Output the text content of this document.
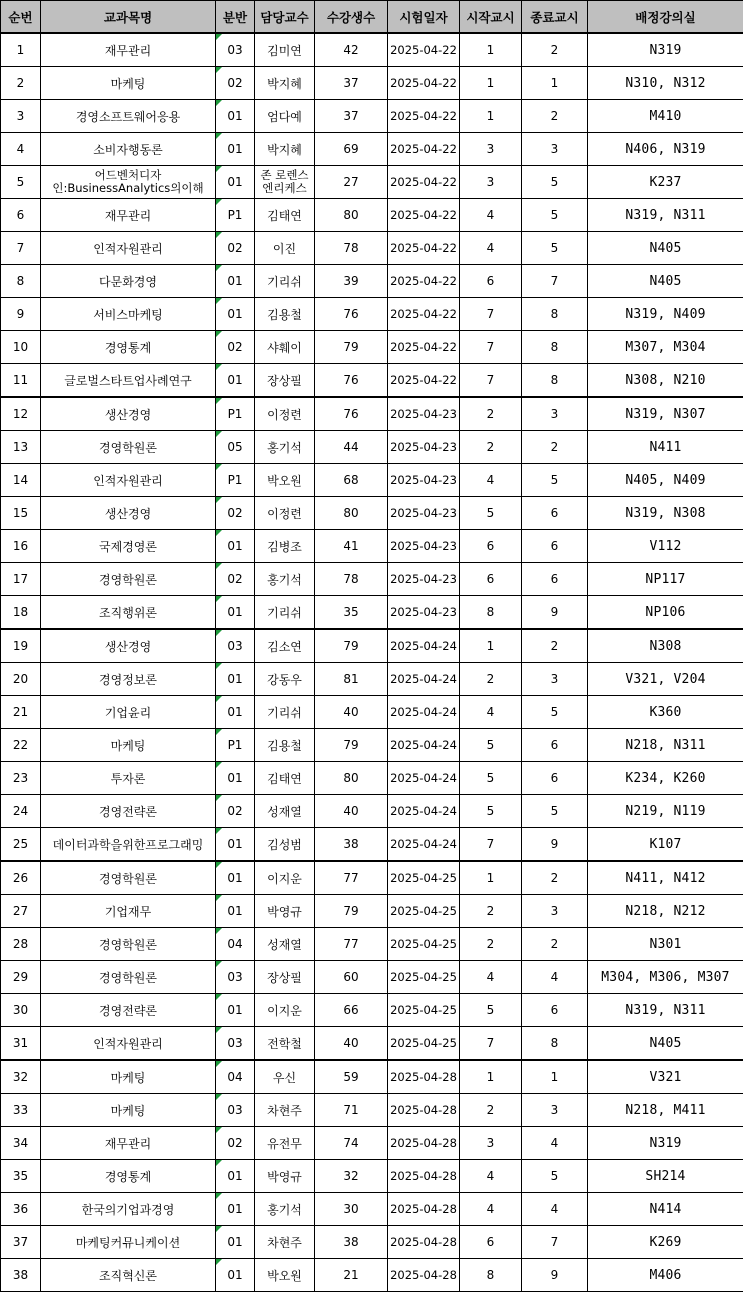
순번	교과목명	분반	담당교수	수강생수	시험일자	시작교시	종료교시	배정강의실
1	재무관리	03	김미연	42	2025-04-22	1	2	N319
2	마케팅	02	박지혜	37	2025-04-22	1	1	N310, N312
3	경영소프트웨어응용	01	엄다예	37	2025-04-22	1	2	M410
4	소비자행동론	01	박지혜	69	2025-04-22	3	3	N406, N319
5	어드벤처디자인:BusinessAnalytics의이해	01	존 로렌스 엔리케스	27	2025-04-22	3	5	K237
6	재무관리	P1	김태연	80	2025-04-22	4	5	N319, N311
7	인적자원관리	02	이진	78	2025-04-22	4	5	N405
8	다문화경영	01	기리쉬	39	2025-04-22	6	7	N405
9	서비스마케팅	01	김용철	76	2025-04-22	7	8	N319, N409
10	경영통계	02	샤훼이	79	2025-04-22	7	8	M307, M304
11	글로벌스타트업사례연구	01	장상필	76	2025-04-22	7	8	N308, N210
12	생산경영	P1	이정련	76	2025-04-23	2	3	N319, N307
13	경영학원론	05	홍기석	44	2025-04-23	2	2	N411
14	인적자원관리	P1	박오원	68	2025-04-23	4	5	N405, N409
15	생산경영	02	이정련	80	2025-04-23	5	6	N319, N308
16	국제경영론	01	김병조	41	2025-04-23	6	6	V112
17	경영학원론	02	홍기석	78	2025-04-23	6	6	NP117
18	조직행위론	01	기리쉬	35	2025-04-23	8	9	NP106
19	생산경영	03	김소연	79	2025-04-24	1	2	N308
20	경영정보론	01	강동우	81	2025-04-24	2	3	V321, V204
21	기업윤리	01	기리쉬	40	2025-04-24	4	5	K360
22	마케팅	P1	김용철	79	2025-04-24	5	6	N218, N311
23	투자론	01	김태연	80	2025-04-24	5	6	K234, K260
24	경영전략론	02	성재열	40	2025-04-24	5	5	N219, N119
25	데이터과학을위한프로그래밍	01	김성범	38	2025-04-24	7	9	K107
26	경영학원론	01	이지운	77	2025-04-25	1	2	N411, N412
27	기업재무	01	박영규	79	2025-04-25	2	3	N218, N212
28	경영학원론	04	성재열	77	2025-04-25	2	2	N301
29	경영학원론	03	장상필	60	2025-04-25	4	4	M304, M306, M307
30	경영전략론	01	이지운	66	2025-04-25	5	6	N319, N311
31	인적자원관리	03	전학철	40	2025-04-25	7	8	N405
32	마케팅	04	우신	59	2025-04-28	1	1	V321
33	마케팅	03	차현주	71	2025-04-28	2	3	N218, M411
34	재무관리	02	유전무	74	2025-04-28	3	4	N319
35	경영통계	01	박영규	32	2025-04-28	4	5	SH214
36	한국의기업과경영	01	홍기석	30	2025-04-28	4	4	N414
37	마케팅커뮤니케이션	01	차현주	38	2025-04-28	6	7	K269
38	조직혁신론	01	박오원	21	2025-04-28	8	9	M406
